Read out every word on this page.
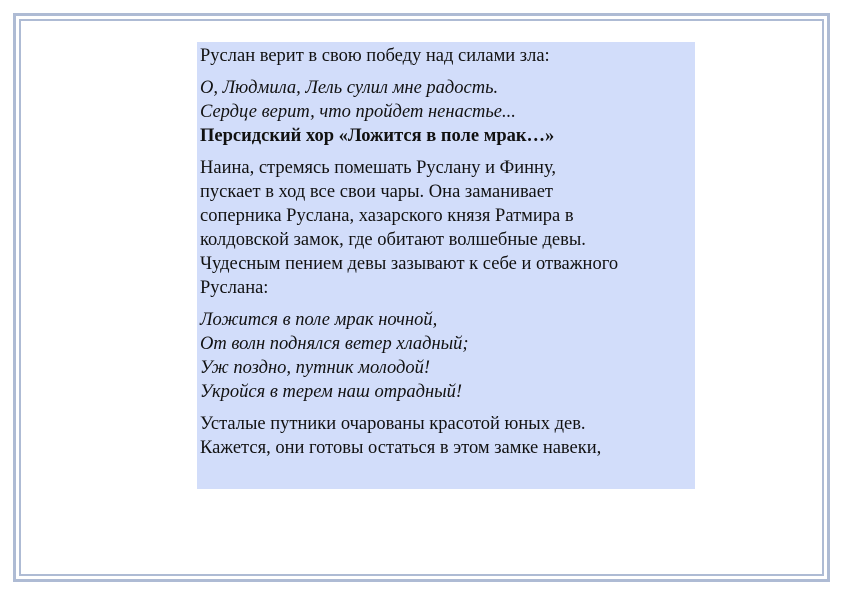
Руслан верит в свою победу над силами зла:

О, Людмила, Лель сулил мне радость.
Сердце верит, что пройдет ненастье...

Персидский хор «Ложится в поле мрак…»

Наина, стремясь помешать Руслану и Финну,
пускает в ход все свои чары. Она заманивает
соперника Руслана, хазарского князя Ратмира в
колдовской замок, где обитают волшебные девы.
Чудесным пением девы зазывают к себе и отважного
Руслана:

Ложится в поле мрак ночной,
От волн поднялся ветер хладный;
Уж поздно, путник молодой!
Укройся в терем наш отрадный!

Усталые путники очарованы красотой юных дев.
Кажется, они готовы остаться в этом замке навеки,
